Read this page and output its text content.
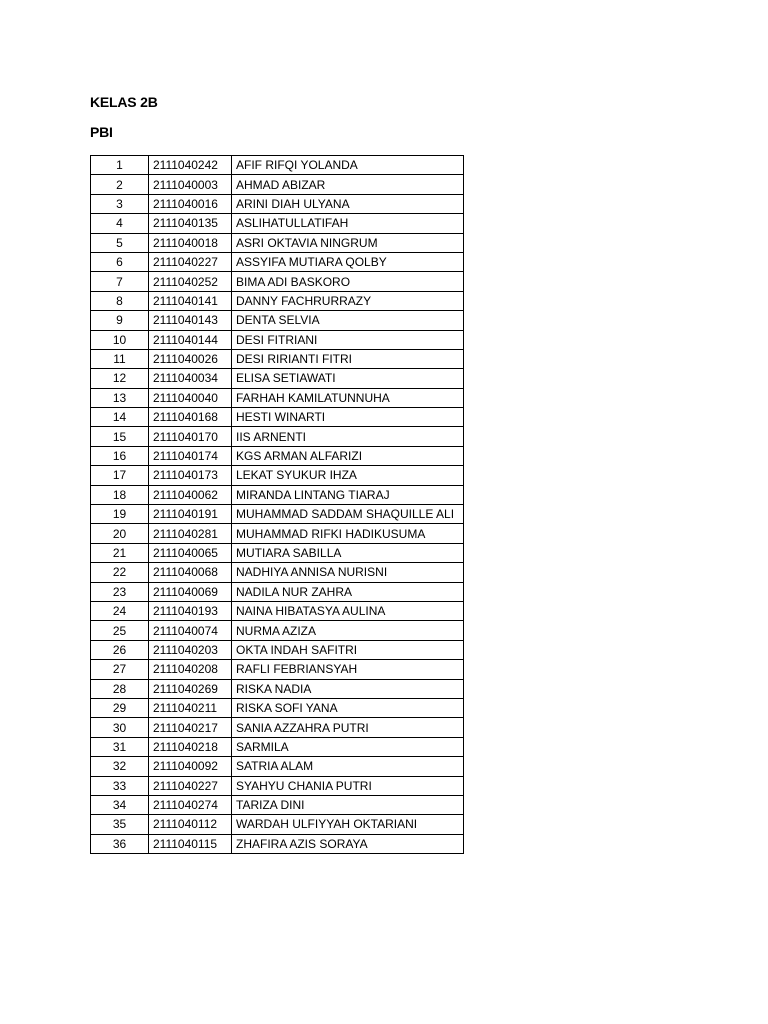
KELAS 2B
PBI
1	2111040242	AFIF RIFQI YOLANDA
2	2111040003	AHMAD ABIZAR
3	2111040016	ARINI DIAH ULYANA
4	2111040135	ASLIHATULLATIFAH
5	2111040018	ASRI OKTAVIA NINGRUM
6	2111040227	ASSYIFA MUTIARA QOLBY
7	2111040252	BIMA ADI BASKORO
8	2111040141	DANNY FACHRURRAZY
9	2111040143	DENTA SELVIA
10	2111040144	DESI FITRIANI
11	2111040026	DESI RIRIANTI FITRI
12	2111040034	ELISA SETIAWATI
13	2111040040	FARHAH KAMILATUNNUHA
14	2111040168	HESTI WINARTI
15	2111040170	IIS ARNENTI
16	2111040174	KGS ARMAN ALFARIZI
17	2111040173	LEKAT SYUKUR IHZA
18	2111040062	MIRANDA LINTANG TIARAJ
19	2111040191	MUHAMMAD SADDAM SHAQUILLE ALI
20	2111040281	MUHAMMAD RIFKI HADIKUSUMA
21	2111040065	MUTIARA SABILLA
22	2111040068	NADHIYA ANNISA NURISNI
23	2111040069	NADILA NUR ZAHRA
24	2111040193	NAINA HIBATASYA AULINA
25	2111040074	NURMA AZIZA
26	2111040203	OKTA INDAH SAFITRI
27	2111040208	RAFLI FEBRIANSYAH
28	2111040269	RISKA NADIA
29	2111040211	RISKA SOFI YANA
30	2111040217	SANIA AZZAHRA PUTRI
31	2111040218	SARMILA
32	2111040092	SATRIA ALAM
33	2111040227	SYAHYU CHANIA PUTRI
34	2111040274	TARIZA DINI
35	2111040112	WARDAH ULFIYYAH OKTARIANI
36	2111040115	ZHAFIRA AZIS SORAYA
